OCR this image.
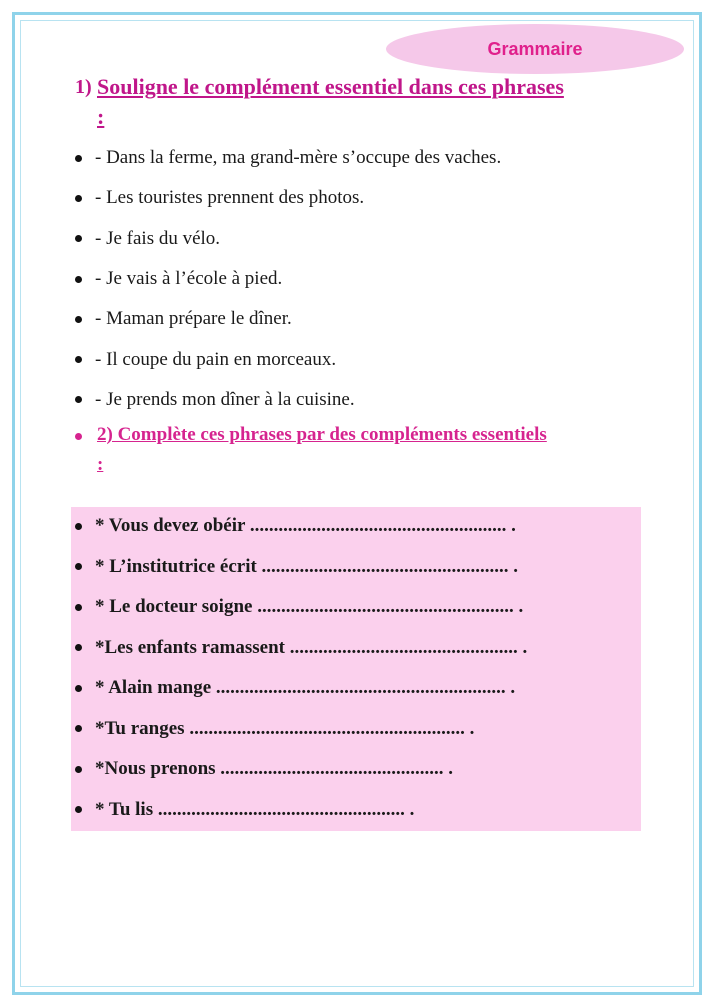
Grammaire
1) Souligne le complément essentiel dans ces phrases :
- Dans la ferme, ma grand-mère s’occupe des vaches.
- Les touristes prennent des photos.
- Je fais du vélo.
- Je vais à l’école à pied.
- Maman prépare le dîner.
- Il coupe du pain en morceaux.
- Je prends mon dîner à la cuisine.
2) Complète ces phrases par des compléments essentiels :
* Vous devez obéir ...................................................... .
* L’institutrice écrit .................................................... .
* Le docteur soigne ...................................................... .
*Les enfants ramassent ................................................ .
* Alain mange ............................................................. .
*Tu ranges .......................................................... .
*Nous prenons ............................................... .
* Tu lis .................................................... .
